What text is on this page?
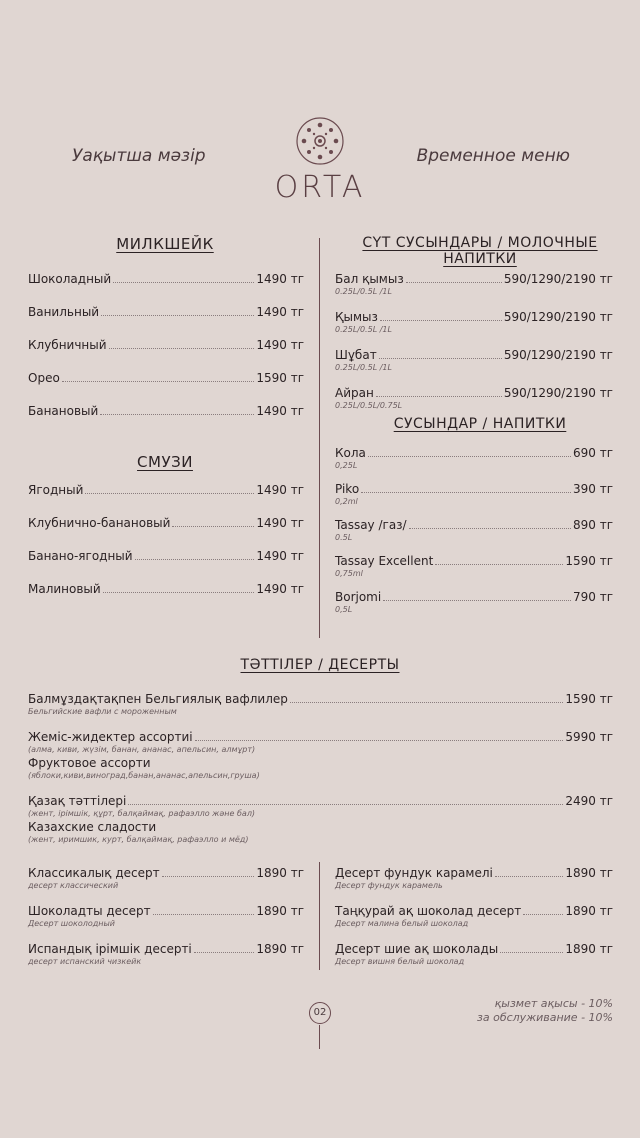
Уақытша мәзір	Временное меню
ORTA
МИЛКШЕЙК
Шоколадный	1490 тг
Ванильный	1490 тг
Клубничный	1490 тг
Орео	1590 тг
Банановый	1490 тг
СМУЗИ
Ягодный	1490 тг
Клубнично-банановый	1490 тг
Банано-ягодный	1490 тг
Малиновый	1490 тг
СҮТ СУСЫНДАРЫ / МОЛОЧНЫЕ НАПИТКИ
Бал қымыз	590/1290/2190 тг
0.25L/0.5L /1L
Қымыз	590/1290/2190 тг
0.25L/0.5L /1L
Шұбат	590/1290/2190 тг
0.25L/0.5L /1L
Айран	590/1290/2190 тг
0.25L/0.5L/0.75L
СУСЫНДАР / НАПИТКИ
Кола	690 тг
0,25L
Piko	390 тг
0,2ml
Tassay /газ/	890 тг
0.5L
Tassay Excellent	1590 тг
0,75ml
Borjomi	790 тг
0,5L
ТӘТТІЛЕР / ДЕСЕРТЫ
Балмұздақтақпен Бельгиялық вафлилер	1590 тг
Бельгийские вафли с мороженным
Жеміс-жидектер ассортиі	5990 тг
(алма, киви, жүзім, банан, ананас, апельсин, алмұрт)
Фруктовое ассорти
(яблоки,киви,виноград,банан,ананас,апельсин,груша)
Қазақ тәттілері	2490 тг
(жент, ірімшік, құрт, балқаймақ, рафаэлло және бал)
Казахские сладости
(жент, иримшик, курт, балқаймақ, рафаэлло и мёд)
Классикалық десерт	1890 тг
десерт классический
Шоколадты десерт	1890 тг
Десерт шоколодный
Испандық ірімшік десерті	1890 тг
десерт испанский чизкейк
Десерт фундук карамелі	1890 тг
Десерт фундук карамель
Таңқурай ақ шоколад десерт	1890 тг
Десерт малина белый шоколад
Десерт шие ақ шоколады	1890 тг
Десерт вишня белый шоколад
02
қызмет ақысы - 10%
за обслуживание - 10%
